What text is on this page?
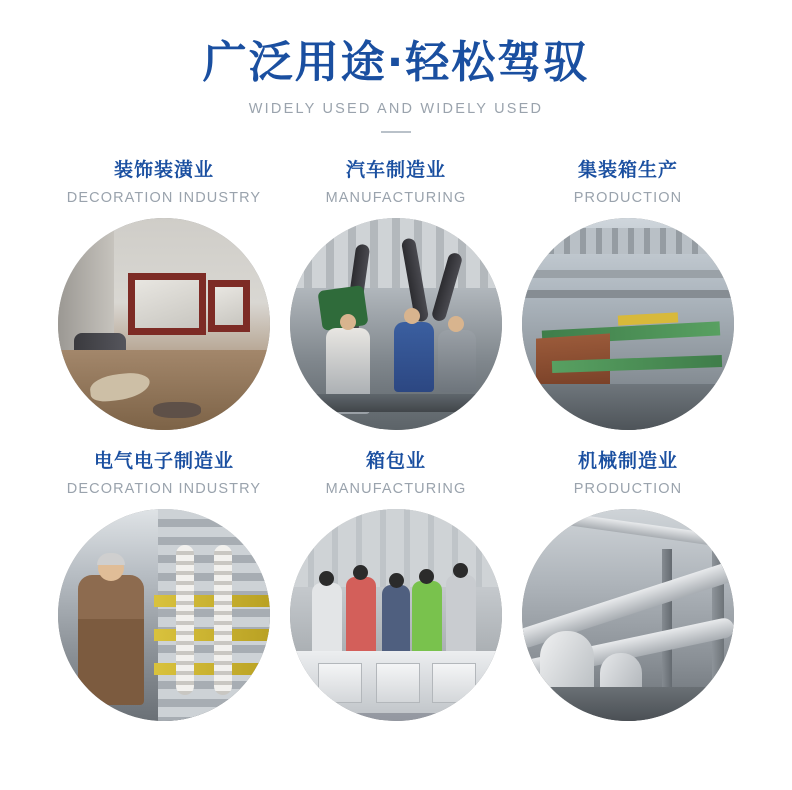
广泛用途·轻松驾驭
WIDELY USED AND WIDELY USED
装饰装潢业
DECORATION INDUSTRY
汽车制造业
MANUFACTURING
集装箱生产
PRODUCTION
电气电子制造业
DECORATION INDUSTRY
箱包业
MANUFACTURING
机械制造业
PRODUCTION
